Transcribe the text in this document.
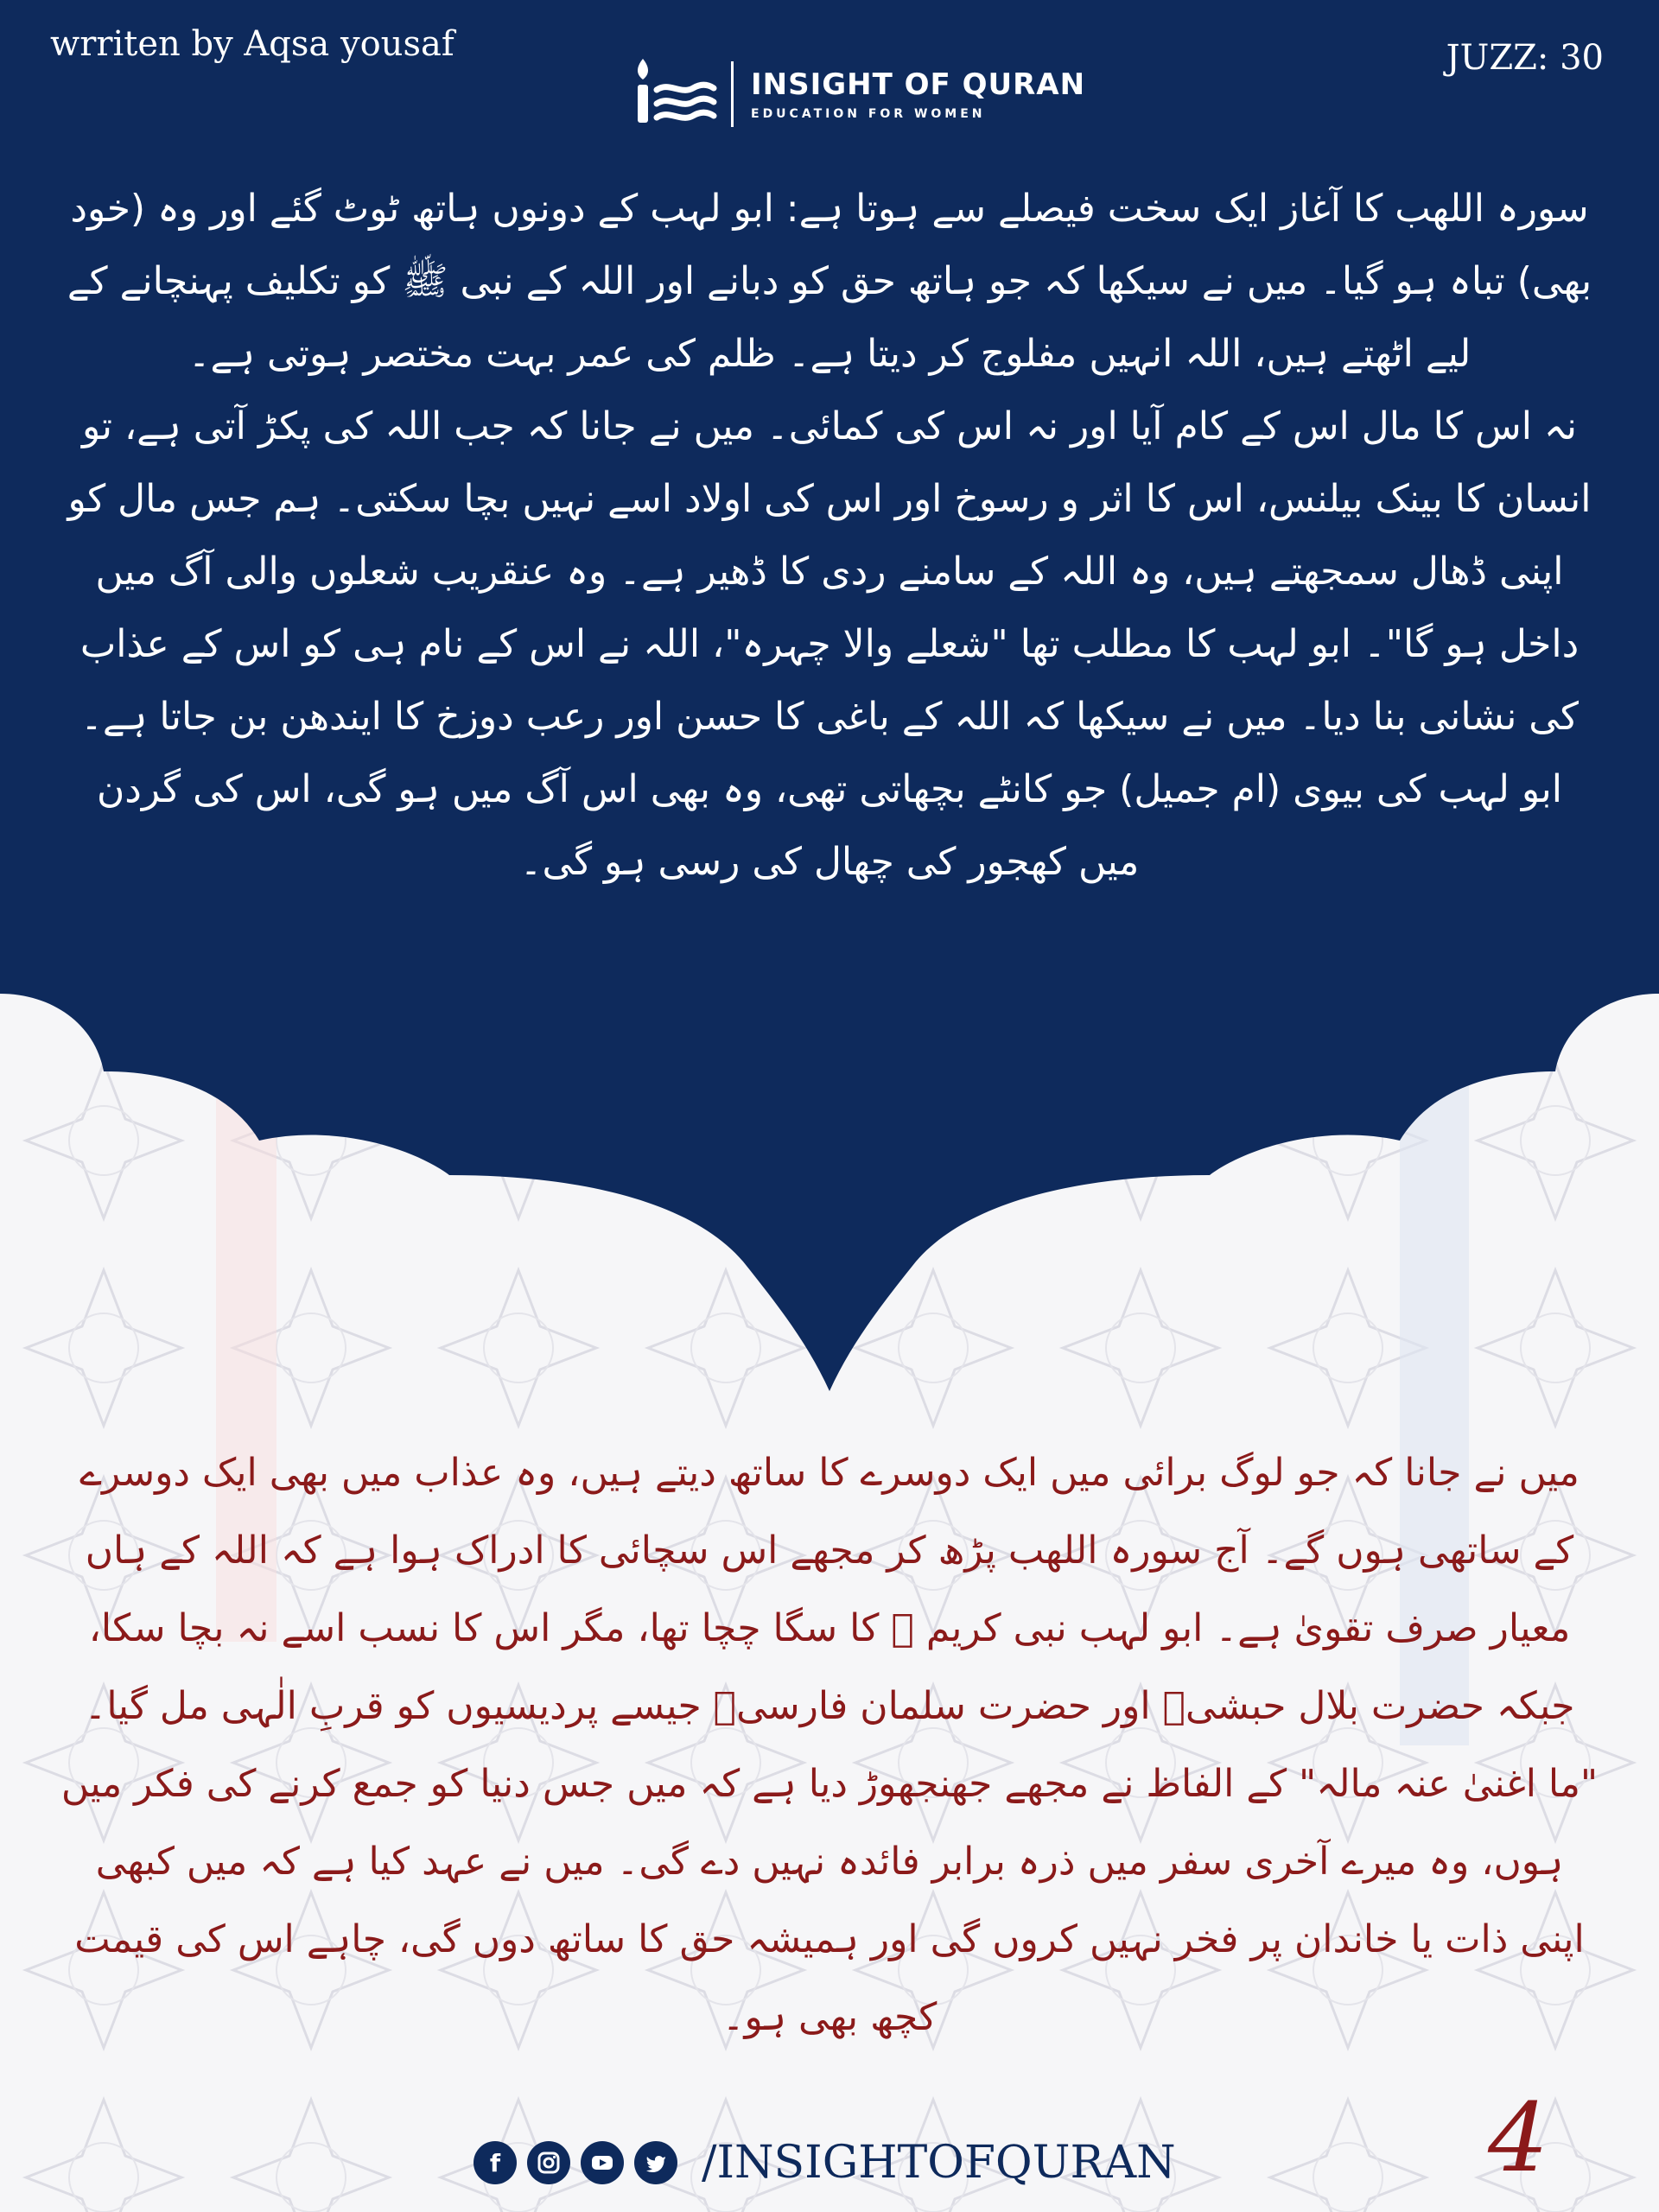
wrriten by Aqsa yousaf	JUZZ: 30
INSIGHT OF QURAN
EDUCATION FOR WOMEN

سورہ اللھب کا آغاز ایک سخت فیصلے سے ہوتا ہے: ابو لہب کے دونوں ہاتھ ٹوٹ گئے اور وہ (خود بھی) تباہ ہو گیا۔ میں نے سیکھا کہ جو ہاتھ حق کو دبانے اور اللہ کے نبی ﷺ کو تکلیف پہنچانے کے لیے اٹھتے ہیں، اللہ انہیں مفلوج کر دیتا ہے۔ ظلم کی عمر بہت مختصر ہوتی ہے۔

نہ اس کا مال اس کے کام آیا اور نہ اس کی کمائی۔ میں نے جانا کہ جب اللہ کی پکڑ آتی ہے، تو انسان کا بینک بیلنس، اس کا اثر و رسوخ اور اس کی اولاد اسے نہیں بچا سکتی۔ ہم جس مال کو اپنی ڈھال سمجھتے ہیں، وہ اللہ کے سامنے ردی کا ڈھیر ہے۔ وہ عنقریب شعلوں والی آگ میں داخل ہو گا"۔ ابو لہب کا مطلب تھا "شعلے والا چہرہ"، اللہ نے اس کے نام ہی کو اس کے عذاب کی نشانی بنا دیا۔ میں نے سیکھا کہ اللہ کے باغی کا حسن اور رعب دوزخ کا ایندھن بن جاتا ہے۔

ابو لہب کی بیوی (ام جمیل) جو کانٹے بچھاتی تھی، وہ بھی اس آگ میں ہو گی، اس کی گردن میں کھجور کی چھال کی رسی ہو گی۔

میں نے جانا کہ جو لوگ برائی میں ایک دوسرے کا ساتھ دیتے ہیں، وہ عذاب میں بھی ایک دوسرے کے ساتھی ہوں گے۔ آج سورہ اللھب پڑھ کر مجھے اس سچائی کا ادراک ہوا ہے کہ اللہ کے ہاں معیار صرف تقویٰ ہے۔ ابو لہب نبی کریم ﷺ کا سگا چچا تھا، مگر اس کا نسب اسے نہ بچا سکا، جبکہ حضرت بلال حبشیؓ اور حضرت سلمان فارسیؓ جیسے پردیسیوں کو قربِ الٰہی مل گیا۔ "ما اغنیٰ عنہ مالہ" کے الفاظ نے مجھے جھنجھوڑ دیا ہے کہ میں جس دنیا کو جمع کرنے کی فکر میں ہوں، وہ میرے آخری سفر میں ذرہ برابر فائدہ نہیں دے گی۔ میں نے عہد کیا ہے کہ میں کبھی اپنی ذات یا خاندان پر فخر نہیں کروں گی اور ہمیشہ حق کا ساتھ دوں گی، چاہے اس کی قیمت کچھ بھی ہو۔

f	/INSIGHTOFQURAN	4
